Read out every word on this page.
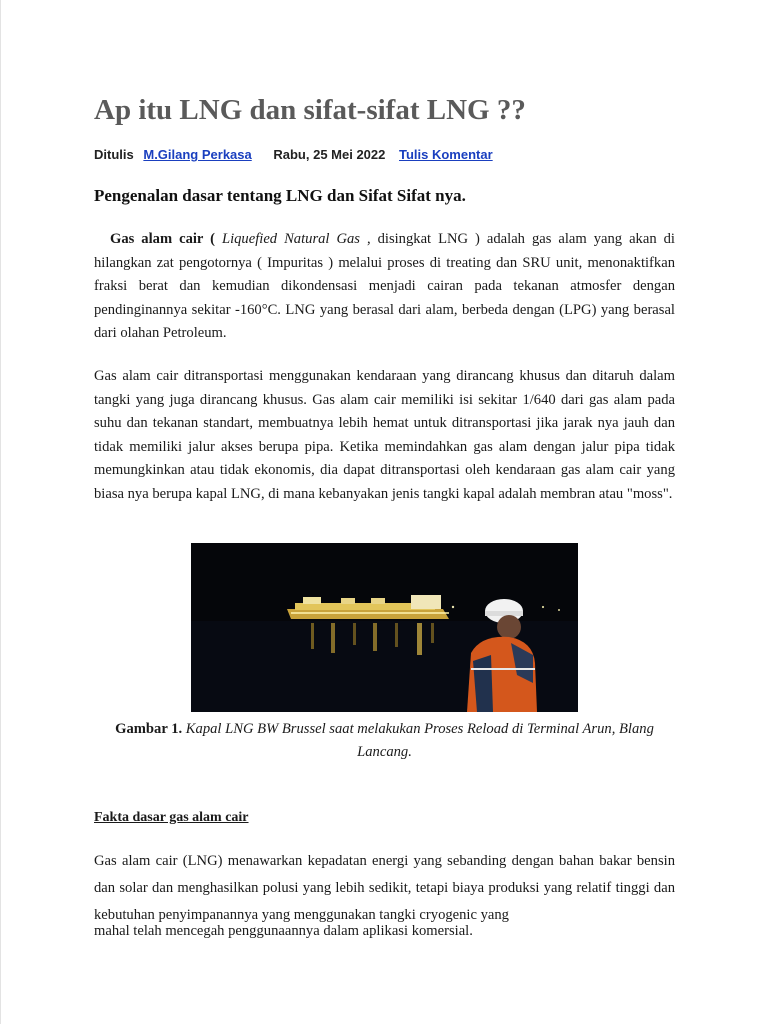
Ap itu LNG dan sifat-sifat LNG ??
Ditulis M.Gilang Perkasa Rabu, 25 Mei 2022 Tulis Komentar
Pengenalan dasar tentang LNG dan Sifat Sifat nya.

Gas alam cair ( Liquefied Natural Gas , disingkat LNG ) adalah gas alam yang akan di hilangkan zat pengotornya ( Impuritas ) melalui proses di treating dan SRU unit, menonaktifkan fraksi berat dan kemudian dikondensasi menjadi cairan pada tekanan atmosfer dengan pendinginannya sekitar -160°C. LNG yang berasal dari alam, berbeda dengan (LPG) yang berasal dari olahan Petroleum.

Gas alam cair ditransportasi menggunakan kendaraan yang dirancang khusus dan ditaruh dalam tangki yang juga dirancang khusus. Gas alam cair memiliki isi sekitar 1/640 dari gas alam pada suhu dan tekanan standart, membuatnya lebih hemat untuk ditransportasi jika jarak nya jauh dan tidak memiliki jalur akses berupa pipa. Ketika memindahkan gas alam dengan jalur pipa tidak memungkinkan atau tidak ekonomis, dia dapat ditransportasi oleh kendaraan gas alam cair yang biasa nya berupa kapal LNG, di mana kebanyakan jenis tangki kapal adalah membran atau "moss".

Gambar 1. Kapal LNG BW Brussel saat melakukan Proses Reload di Terminal Arun, Blang Lancang.

Fakta dasar gas alam cair

Gas alam cair (LNG) menawarkan kepadatan energi yang sebanding dengan bahan bakar bensin dan solar dan menghasilkan polusi yang lebih sedikit, tetapi biaya produksi yang relatif tinggi dan kebutuhan penyimpanannya yang menggunakan tangki cryogenic yang

mahal telah mencegah penggunaannya dalam aplikasi komersial.
